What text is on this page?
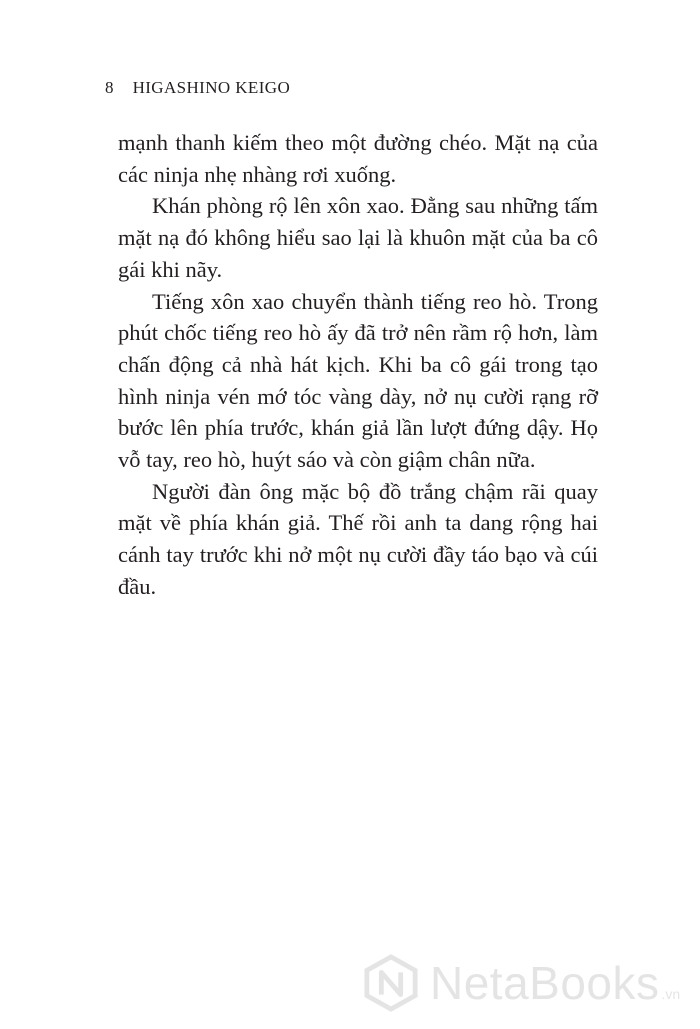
8 HIGASHINO KEIGO

mạnh thanh kiếm theo một đường chéo. Mặt nạ của các ninja nhẹ nhàng rơi xuống.

Khán phòng rộ lên xôn xao. Đằng sau những tấm mặt nạ đó không hiểu sao lại là khuôn mặt của ba cô gái khi nãy.

Tiếng xôn xao chuyển thành tiếng reo hò. Trong phút chốc tiếng reo hò ấy đã trở nên rầm rộ hơn, làm chấn động cả nhà hát kịch. Khi ba cô gái trong tạo hình ninja vén mớ tóc vàng dày, nở nụ cười rạng rỡ bước lên phía trước, khán giả lần lượt đứng dậy. Họ vỗ tay, reo hò, huýt sáo và còn giậm chân nữa.

Người đàn ông mặc bộ đồ trắng chậm rãi quay mặt về phía khán giả. Thế rồi anh ta dang rộng hai cánh tay trước khi nở một nụ cười đầy táo bạo và cúi đầu.

NetaBooks .vn
